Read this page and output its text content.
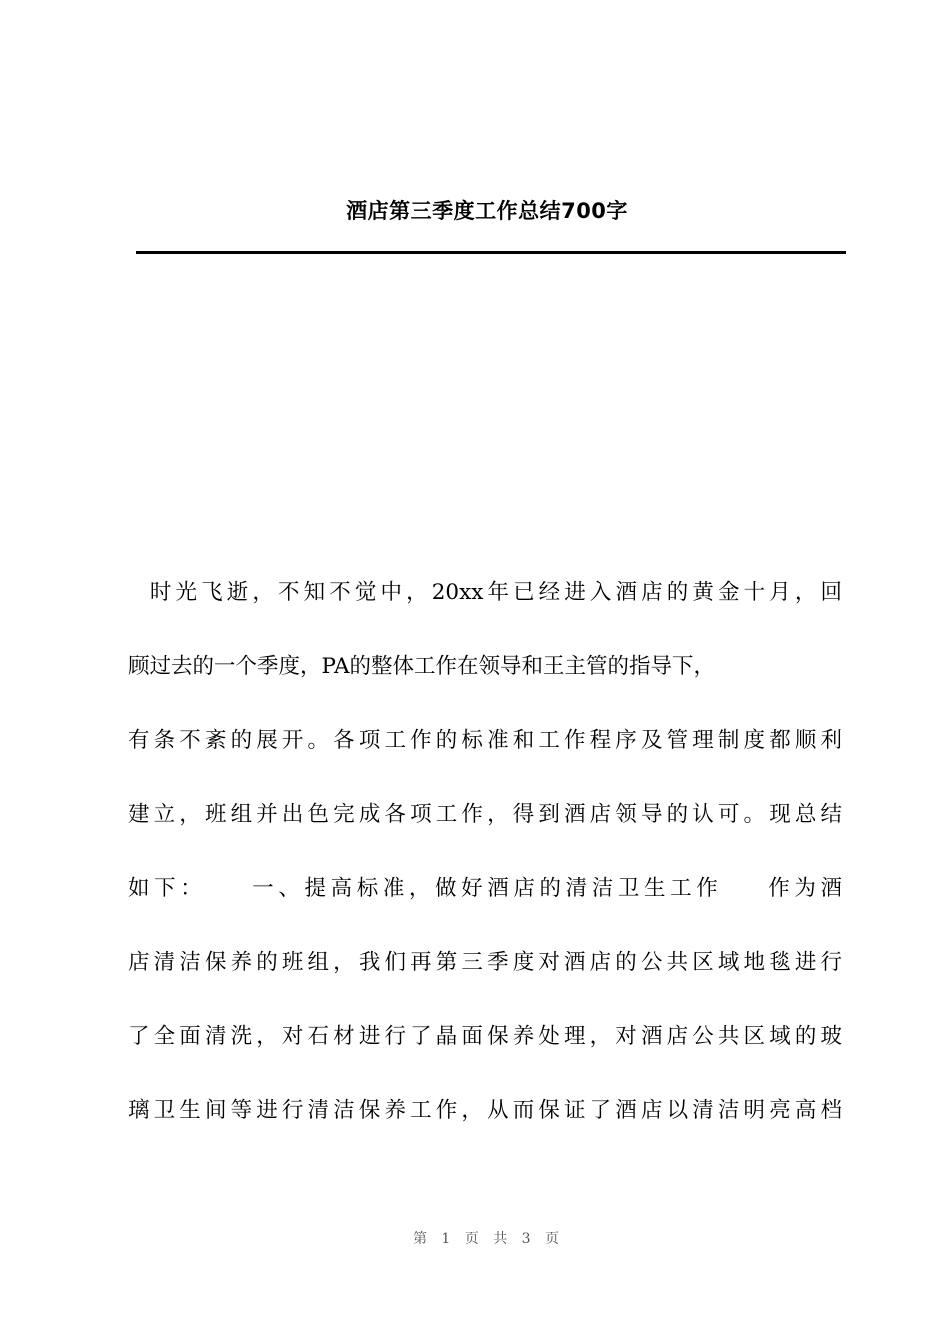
酒店第三季度工作总结700字
时光飞逝，不知不觉中，20xx年已经进入酒店的黄金十月，回
顾过去的一个季度，PA的整体工作在领导和王主管的指导下，
有条不紊的展开。各项工作的标准和工作程序及管理制度都顺利
建立，班组并出色完成各项工作，得到酒店领导的认可。现总结
如下：    一、提高标准，做好酒店的清洁卫生工作    作为酒
店清洁保养的班组，我们再第三季度对酒店的公共区域地毯进行
了全面清洗，对石材进行了晶面保养处理，对酒店公共区域的玻
璃卫生间等进行清洁保养工作，从而保证了酒店以清洁明亮高档
第 1 页 共 3 页
